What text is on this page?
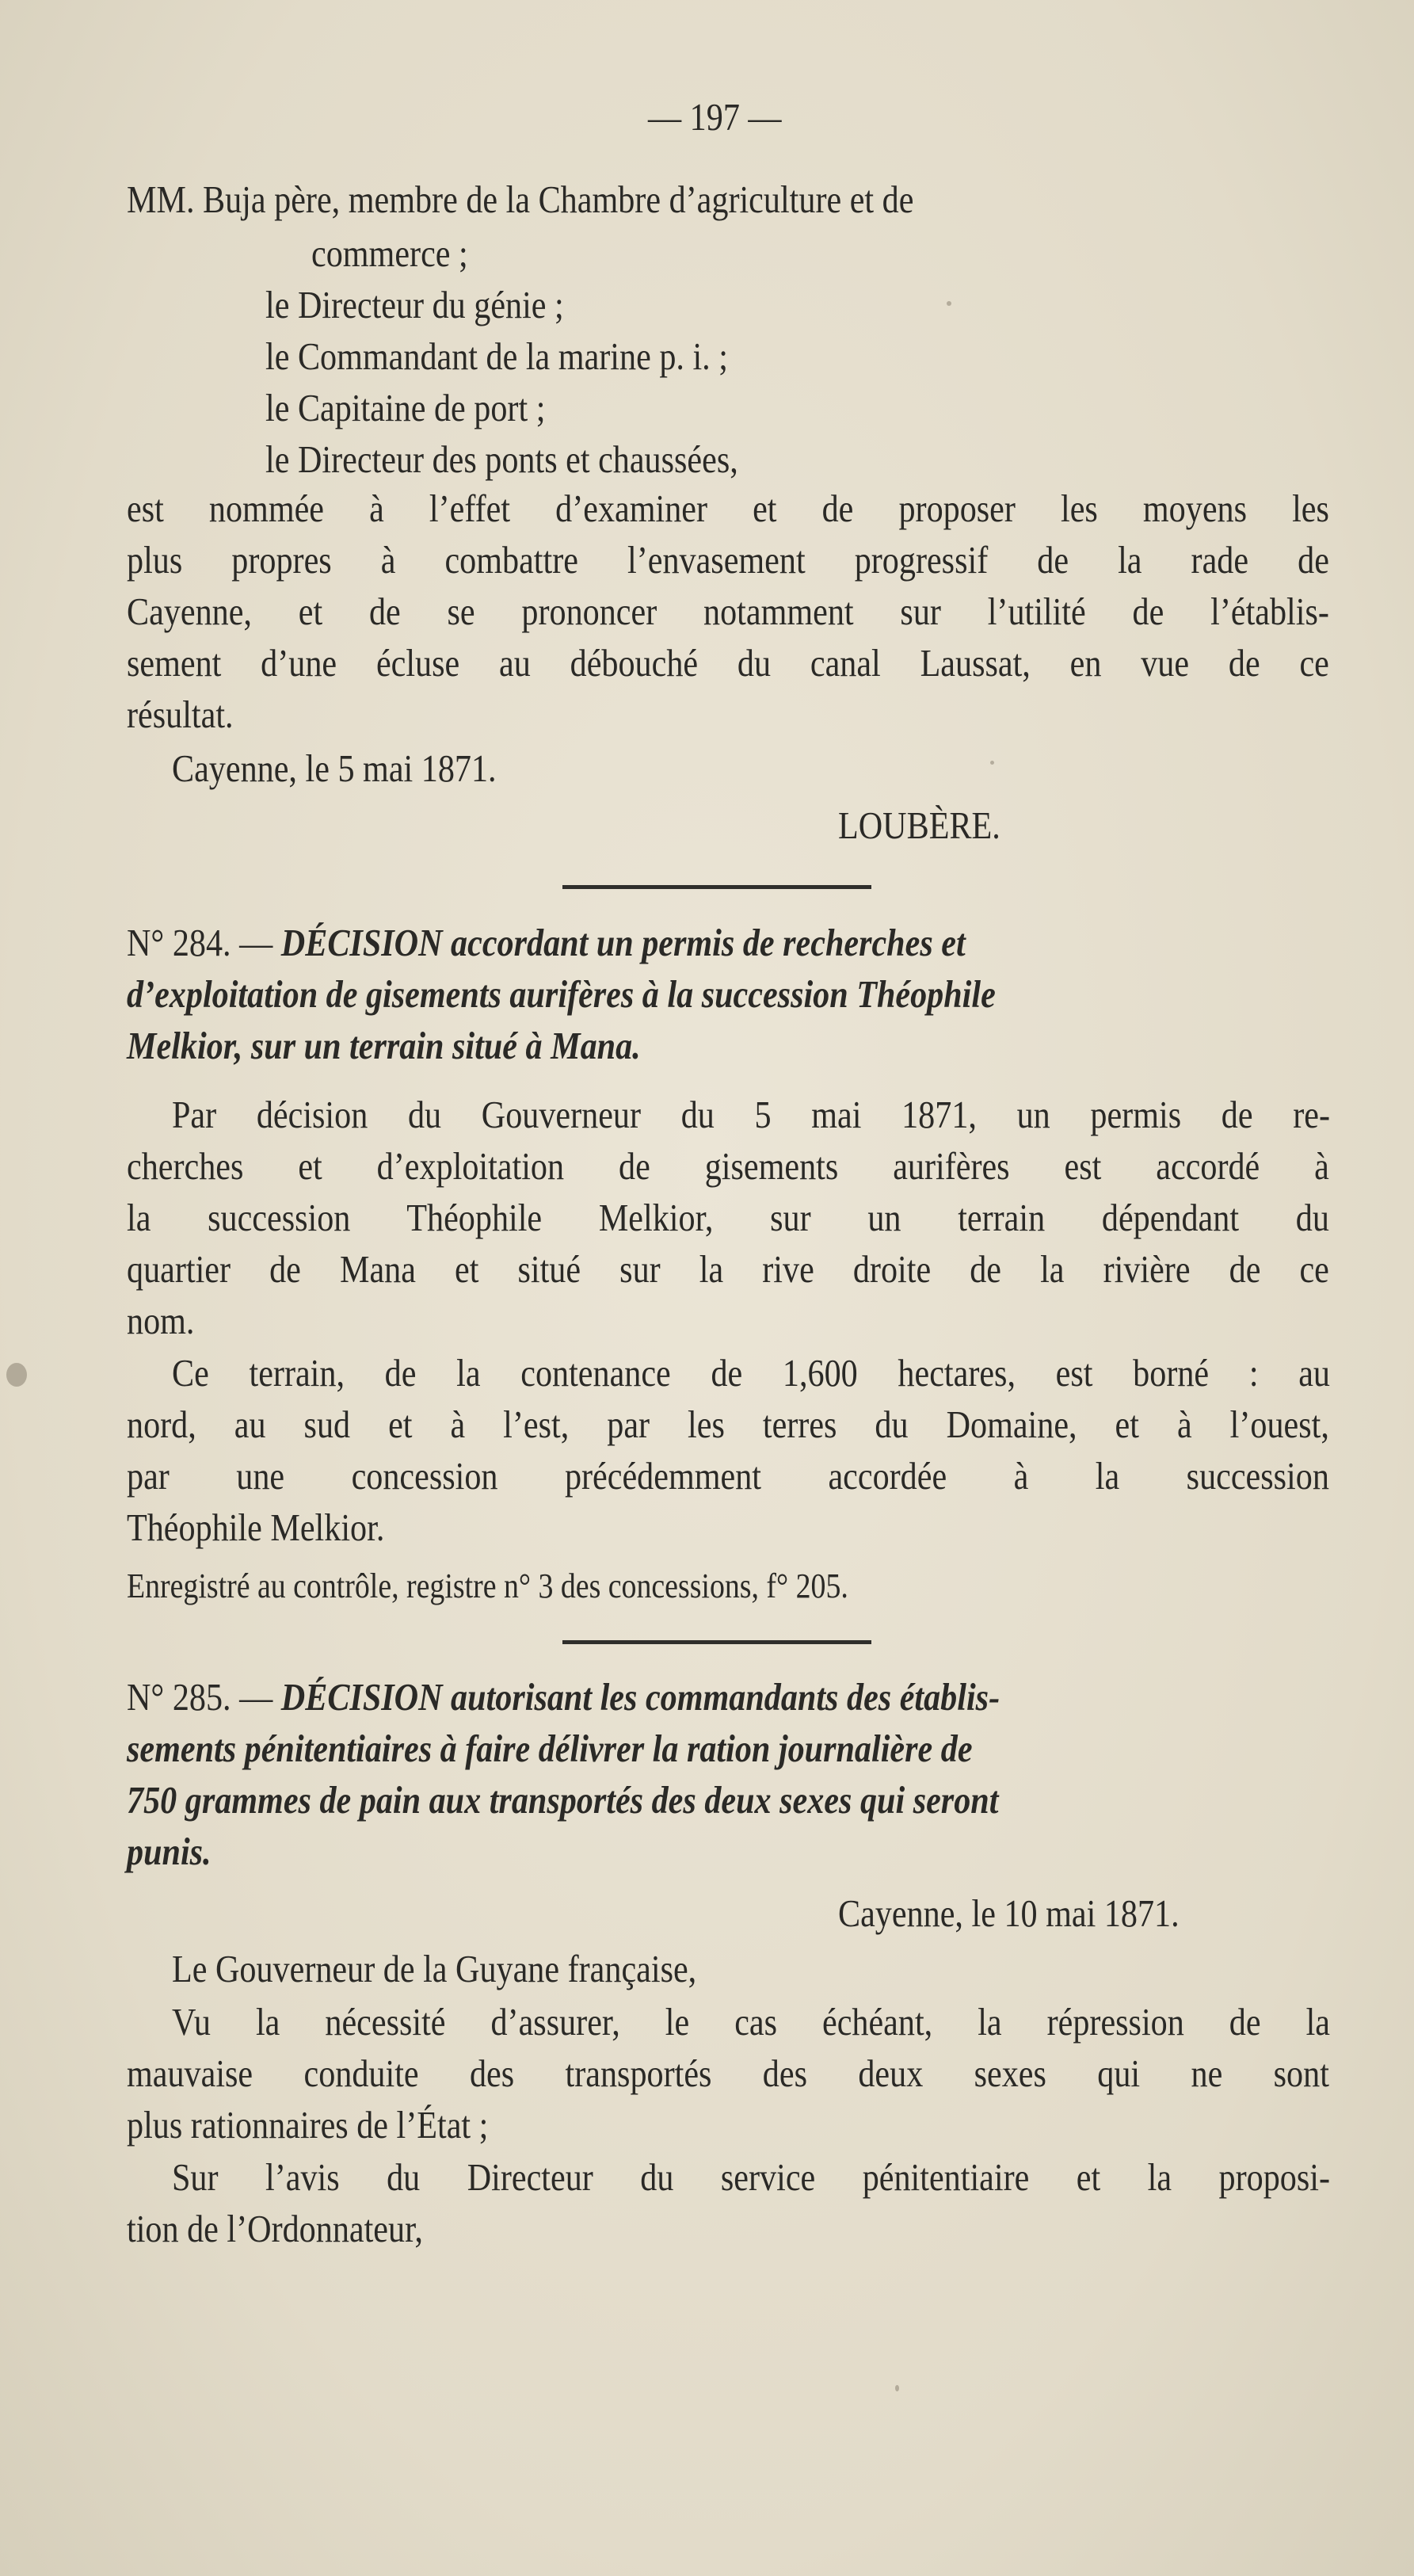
— 197 —
MM. Buja père, membre de la Chambre d’agriculture et de
commerce ;
le Directeur du génie ;
le Commandant de la marine p. i. ;
le Capitaine de port ;
le Directeur des ponts et chaussées,
est nommée à l’effet d’examiner et de proposer les moyens les
plus propres à combattre l’envasement progressif de la rade de
Cayenne, et de se prononcer notamment sur l’utilité de l’établis-
sement d’une écluse au débouché du canal Laussat, en vue de ce
résultat.
Cayenne, le 5 mai 1871.
LOUBÈRE.
N° 284. — DÉCISION accordant un permis de recherches et
d’exploitation de gisements aurifères à la succession Théophile
Melkior, sur un terrain situé à Mana.
Par décision du Gouverneur du 5 mai 1871, un permis de re-
cherches et d’exploitation de gisements aurifères est accordé à
la succession Théophile Melkior, sur un terrain dépendant du
quartier de Mana et situé sur la rive droite de la rivière de ce
nom.
Ce terrain, de la contenance de 1,600 hectares, est borné : au
nord, au sud et à l’est, par les terres du Domaine, et à l’ouest,
par une concession précédemment accordée à la succession
Théophile Melkior.
Enregistré au contrôle, registre n° 3 des concessions, f° 205.
N° 285. — DÉCISION autorisant les commandants des établis-
sements pénitentiaires à faire délivrer la ration journalière de
750 grammes de pain aux transportés des deux sexes qui seront
punis.
Cayenne, le 10 mai 1871.
Le Gouverneur de la Guyane française,
Vu la nécessité d’assurer, le cas échéant, la répression de la
mauvaise conduite des transportés des deux sexes qui ne sont
plus rationnaires de l’État ;
Sur l’avis du Directeur du service pénitentiaire et la proposi-
tion de l’Ordonnateur,
